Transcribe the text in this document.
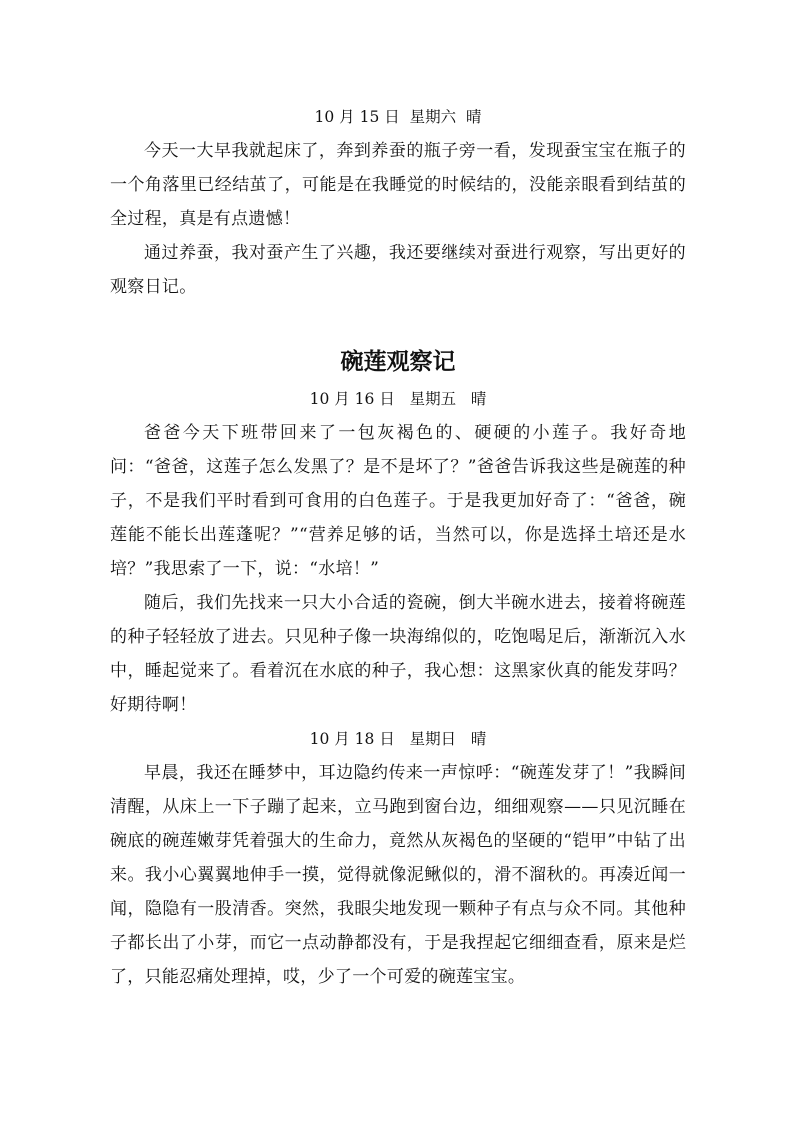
10 月 15 日  星期六  晴

今天一大早我就起床了，奔到养蚕的瓶子旁一看，发现蚕宝宝在瓶子的一个角落里已经结茧了，可能是在我睡觉的时候结的，没能亲眼看到结茧的全过程，真是有点遗憾！

通过养蚕，我对蚕产生了兴趣，我还要继续对蚕进行观察，写出更好的观察日记。

碗莲观察记
10 月 16 日   星期五   晴

爸爸今天下班带回来了一包灰褐色的、硬硬的小莲子。我好奇地问：“爸爸，这莲子怎么发黑了？是不是坏了？”爸爸告诉我这些是碗莲的种子，不是我们平时看到可食用的白色莲子。于是我更加好奇了：“爸爸，碗莲能不能长出莲蓬呢？”“营养足够的话，当然可以，你是选择土培还是水培？”我思索了一下，说：“水培！”

随后，我们先找来一只大小合适的瓷碗，倒大半碗水进去，接着将碗莲的种子轻轻放了进去。只见种子像一块海绵似的，吃饱喝足后，渐渐沉入水中，睡起觉来了。看着沉在水底的种子，我心想：这黑家伙真的能发芽吗？好期待啊！

10 月 18 日   星期日   晴

早晨，我还在睡梦中，耳边隐约传来一声惊呼：“碗莲发芽了！”我瞬间清醒，从床上一下子蹦了起来，立马跑到窗台边，细细观察——只见沉睡在碗底的碗莲嫩芽凭着强大的生命力，竟然从灰褐色的坚硬的“铠甲”中钻了出来。我小心翼翼地伸手一摸，觉得就像泥鳅似的，滑不溜秋的。再凑近闻一闻，隐隐有一股清香。突然，我眼尖地发现一颗种子有点与众不同。其他种子都长出了小芽，而它一点动静都没有，于是我捏起它细细查看，原来是烂了，只能忍痛处理掉，哎，少了一个可爱的碗莲宝宝。
